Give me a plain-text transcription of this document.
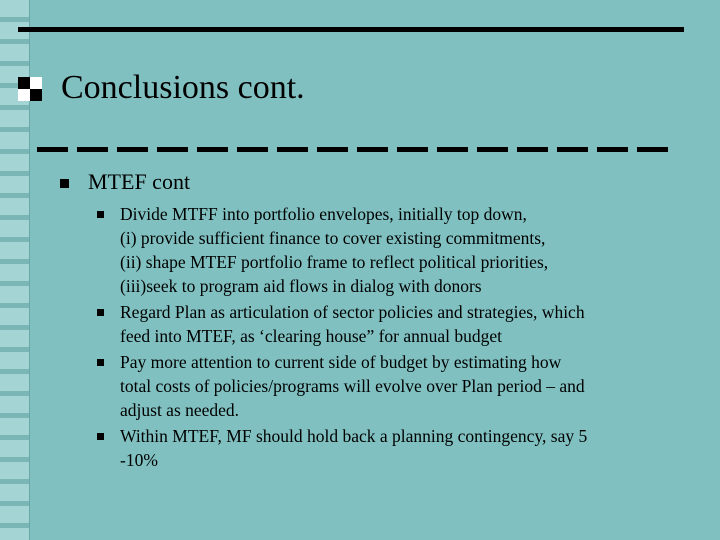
Conclusions cont.
MTEF cont
Divide MTFF into portfolio envelopes, initially top down,
(i) provide sufficient finance to cover existing commitments,
(ii) shape MTEF portfolio frame to reflect political priorities,
(iii)seek to program aid flows in dialog with donors
Regard Plan as articulation of sector policies and strategies, which
feed into MTEF, as ‘clearing house” for annual budget
Pay more attention to current side of budget by estimating how
total costs of policies/programs will evolve over Plan period – and
adjust as needed.
Within MTEF, MF should hold back a planning contingency, say 5
-10%
